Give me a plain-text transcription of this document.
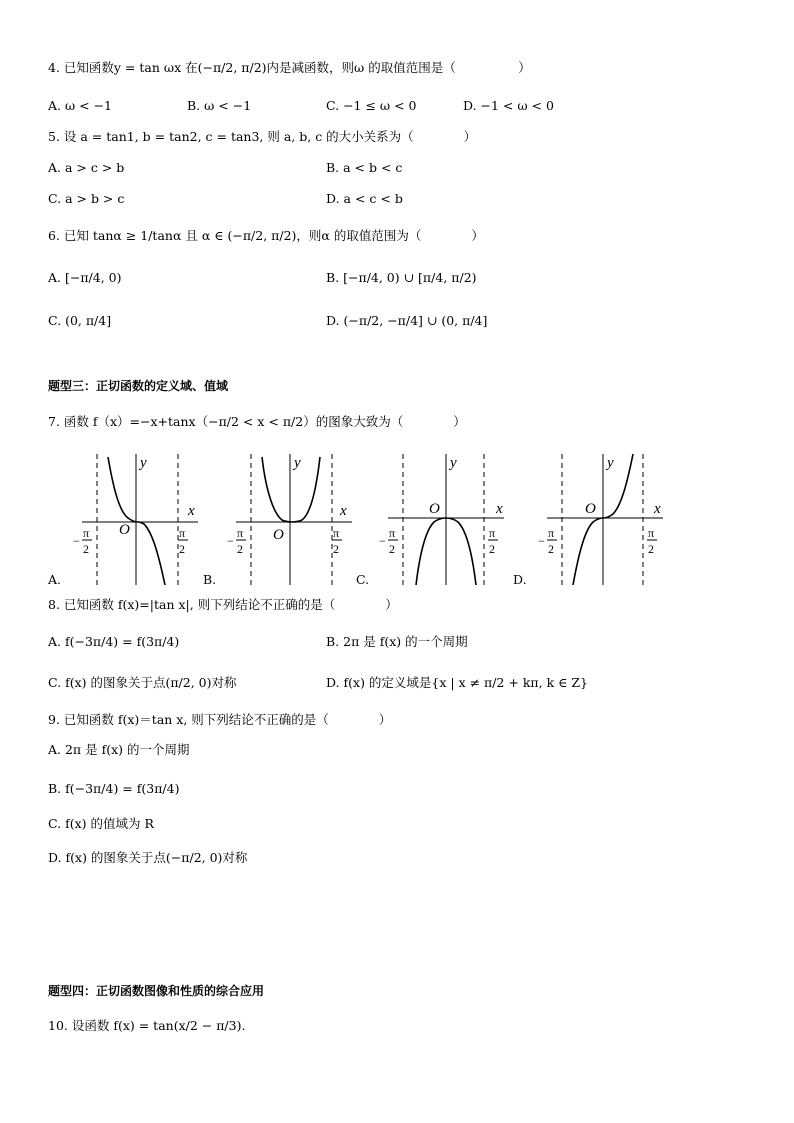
4. 已知函数y = tan ωx 在(−π/2, π/2)内是减函数，则ω 的取值范围是（　　　　　）
A. ω < −1	B. ω < −1	C. −1 ≤ ω < 0	D. −1 < ω < 0
5. 设 a = tan1, b = tan2, c = tan3, 则 a, b, c 的大小关系为（　　　　）
A. a > c > b	B. a < b < c
C. a > b > c	D. a < c < b
6. 已知 tanα ≥ 1/tanα 且 α ∈ (−π/2, π/2)，则α 的取值范围为（　　　　）
A. [−π/4, 0)	B. [−π/4, 0) ∪ [π/4, π/2)
C. (0, π/4]	D. (−π/2, −π/4] ∪ (0, π/4]
题型三：正切函数的定义域、值域
7. 函数 f（x）=−x+tanx（−π/2 < x < π/2）的图象大致为（　　　　）
y
x
O
−
π
2
π
2
y
x
O
−
π
2
π
2
y
x
O
−
π
2
π
2
y
x
O
−
π
2
π
2
A.	B.	C.	D.
8. 已知函数 f(x)=|tan x|, 则下列结论不正确的是（　　　　）
A. f(−3π/4) = f(3π/4)	B. 2π 是 f(x) 的一个周期
C. f(x) 的图象关于点(π/2, 0)对称	D. f(x) 的定义域是{x | x ≠ π/2 + kπ, k ∈ Z}
9. 已知函数 f(x)＝tan x, 则下列结论不正确的是（　　　　）
A. 2π 是 f(x) 的一个周期
B. f(−3π/4) = f(3π/4)
C. f(x) 的值域为 R
D. f(x) 的图象关于点(−π/2, 0)对称
题型四：正切函数图像和性质的综合应用
10. 设函数 f(x) = tan(x/2 − π/3).
